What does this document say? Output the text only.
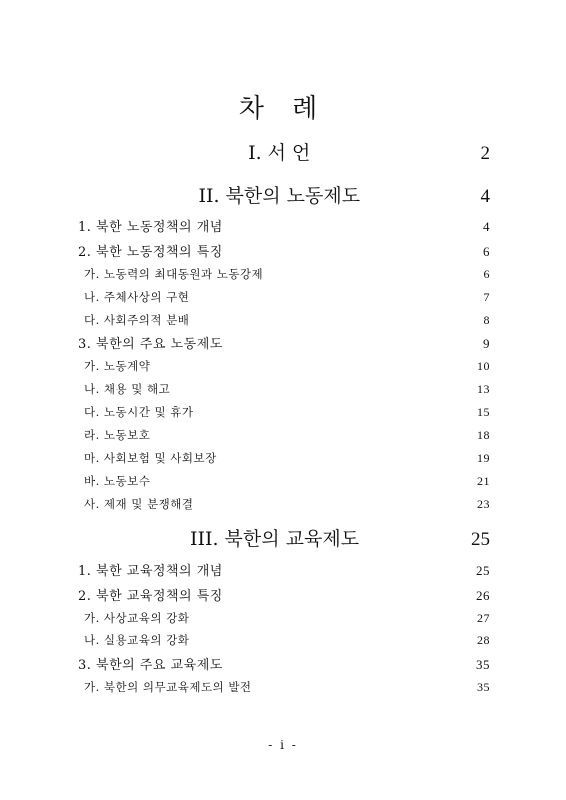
차 례
I. 서 언	2
II. 북한의 노동제도	4
1. 북한 노동정책의 개념	4
2. 북한 노동정책의 특징	6
가. 노동력의 최대동원과 노동강제	6
나. 주체사상의 구현	7
다. 사회주의적 분배	8
3. 북한의 주요 노동제도	9
가. 노동계약	10
나. 채용 및 해고	13
다. 노동시간 및 휴가	15
라. 노동보호	18
마. 사회보험 및 사회보장	19
바. 노동보수	21
사. 제재 및 분쟁해결	23
III. 북한의 교육제도	25
1. 북한 교육정책의 개념	25
2. 북한 교육정책의 특징	26
가. 사상교육의 강화	27
나. 실용교육의 강화	28
3. 북한의 주요 교육제도	35
가. 북한의 의무교육제도의 발전	35
- i -
